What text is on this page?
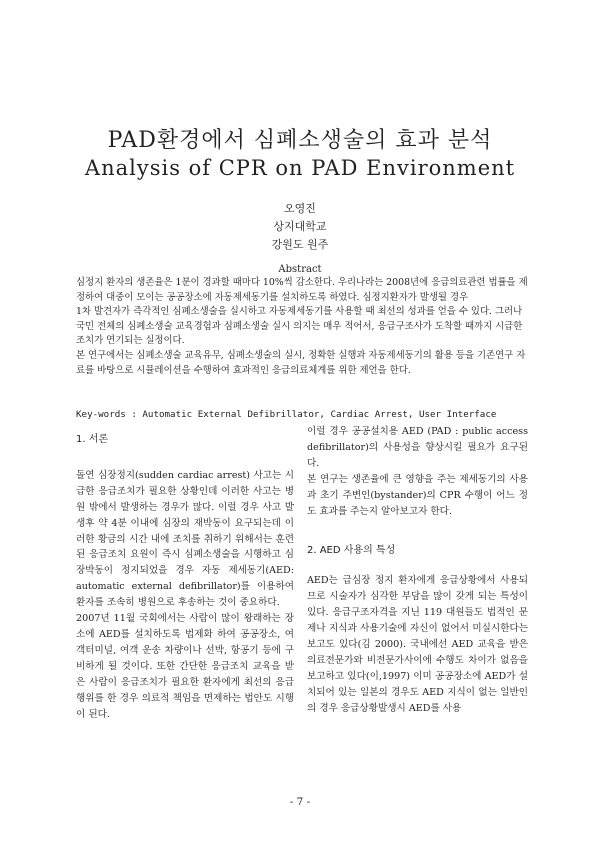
PAD환경에서 심폐소생술의 효과 분석
Analysis of CPR on PAD Environment
오영진
상지대학교
강원도 원주
Abstract

심정지 환자의 생존율은 1분이 경과할 때마다 10%씩 감소한다. 우리나라는 2008년에 응급의료관련 법률을 제정하여 대중이 모이는 공공장소에 자동제세동기를 설치하도록 하였다. 심정지환자가 발생될 경우

1차 발견자가 즉각적인 심폐소생술을 실시하고 자동제세동기를 사용할 때 최선의 성과를 얻을 수 있다. 그러나 국민 전체의 심폐소생술 교육경험과 심폐소생술 실시 의지는 매우 적어서, 응급구조사가 도착할 때까지 시급한 조치가 연기되는 실정이다.

본 연구에서는 심폐소생술 교육유무, 심폐소생술의 실시, 정확한 실행과 자동제세동기의 활용 등을 기존연구 자료를 바탕으로 시뮬레이션을 수행하여 효과적인 응급의료체계를 위한 제언을 한다.

Key-words : Automatic External Defibrillator, Cardiac Arrest, User Interface

1. 서론

돌연 심장정지(sudden cardiac arrest) 사고는 시급한 응급조치가 필요한 상황인데 이러한 사고는 병원 밖에서 발생하는 경우가 많다. 이럴 경우 사고 발생후 약 4분 이내에 심장의 재박동이 요구되는데 이러한 황금의 시간 내에 조치를 취하기 위해서는 훈련된 응급조치 요원이 즉시 심폐소생술을 시행하고 심장박동이 정지되었을 경우 자동 제세동기(AED: automatic external defibrillator)를 이용하여 환자를 조속히 병원으로 후송하는 것이 중요하다.

2007년 11월 국회에서는 사람이 많이 왕래하는 장소에 AED를 설치하도록 법제화 하여 공공장소, 여객터미널, 여객 운송 차량이나 선박, 항공기 등에 구비하게 될 것이다. 또한 간단한 응급조치 교육을 받은 사람이 응급조치가 필요한 환자에게 최선의 응급행위를 한 경우 의료적 책임을 면제하는 법안도 시행이 된다.

이럴 경우 공공설치용 AED (PAD : public access defibrillator)의 사용성을 향상시킬 필요가 요구된다.

본 연구는 생존율에 큰 영향을 주는 제세동기의 사용과 초기 주변인(bystander)의 CPR 수행이 어느 정도 효과를 주는지 알아보고자 한다.

2. AED 사용의 특성

AED는 급심장 정지 환자에게 응급상황에서 사용되므로 시술자가 심각한 부담을 많이 갖게 되는 특성이 있다. 응급구조자격을 지닌 119 대원들도 법적인 문제나 지식과 사용기술에 자신이 없어서 미실시한다는 보고도 있다(김 2000). 국내에선 AED 교육을 받은 의료전문가와 비전문가사이에 수행도 차이가 없음을 보고하고 있다(이,1997) 이미 공공장소에 AED가 설치되어 있는 일본의 경우도 AED 지식이 없는 일반인의 경우 응급상황발생시 AED를 사용

- 7 -
